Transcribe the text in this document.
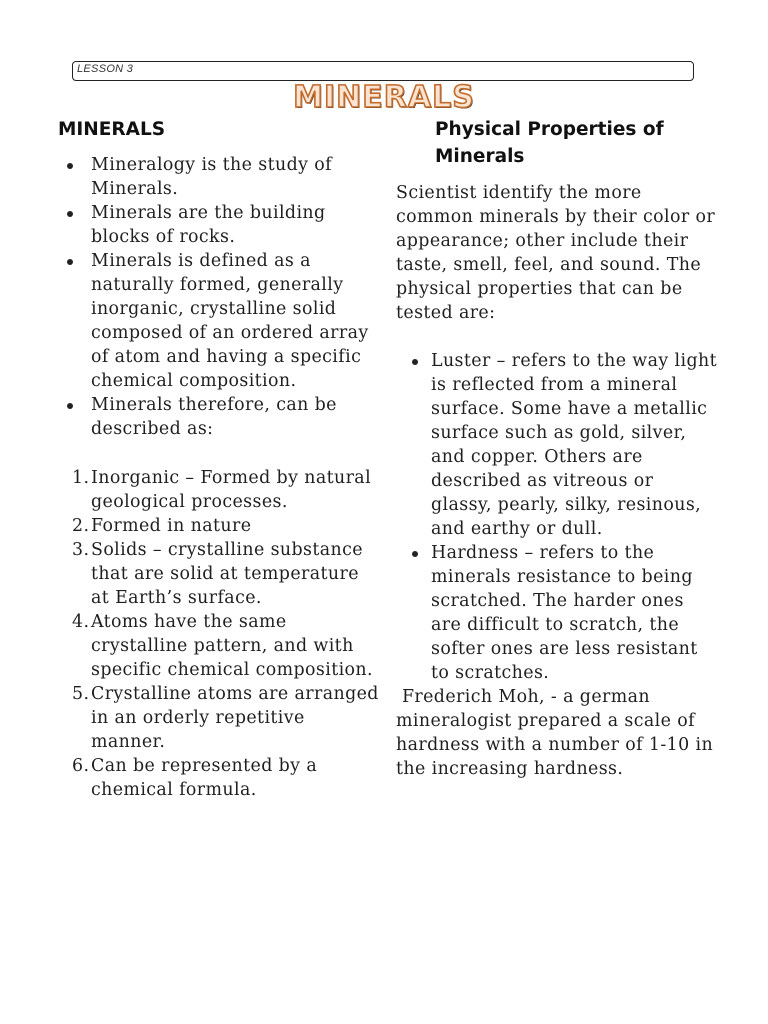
LESSON 3
MINERALS
MINERALS
Mineralogy is the study of Minerals.
Minerals are the building blocks of rocks.
Minerals is defined as a naturally formed, generally inorganic, crystalline solid composed of an ordered array of atom and having a specific chemical composition.
Minerals therefore, can be described as:
1. Inorganic – Formed by natural geological processes.
2. Formed in nature
3. Solids – crystalline substance that are solid at temperature at Earth’s surface.
4. Atoms have the same crystalline pattern, and with specific chemical composition.
5. Crystalline atoms are arranged in an orderly repetitive manner.
6. Can be represented by a chemical formula.
Physical Properties of Minerals

Scientist identify the more common minerals by their color or appearance; other include their taste, smell, feel, and sound. The physical properties that can be tested are:

Luster – refers to the way light is reflected from a mineral surface. Some have a metallic surface such as gold, silver, and copper. Others are described as vitreous or glassy, pearly, silky, resinous, and earthy or dull.
Hardness – refers to the minerals resistance to being scratched. The harder ones are difficult to scratch, the softer ones are less resistant to scratches.

Frederich Moh, - a german mineralogist prepared a scale of hardness with a number of 1-10 in the increasing hardness.
